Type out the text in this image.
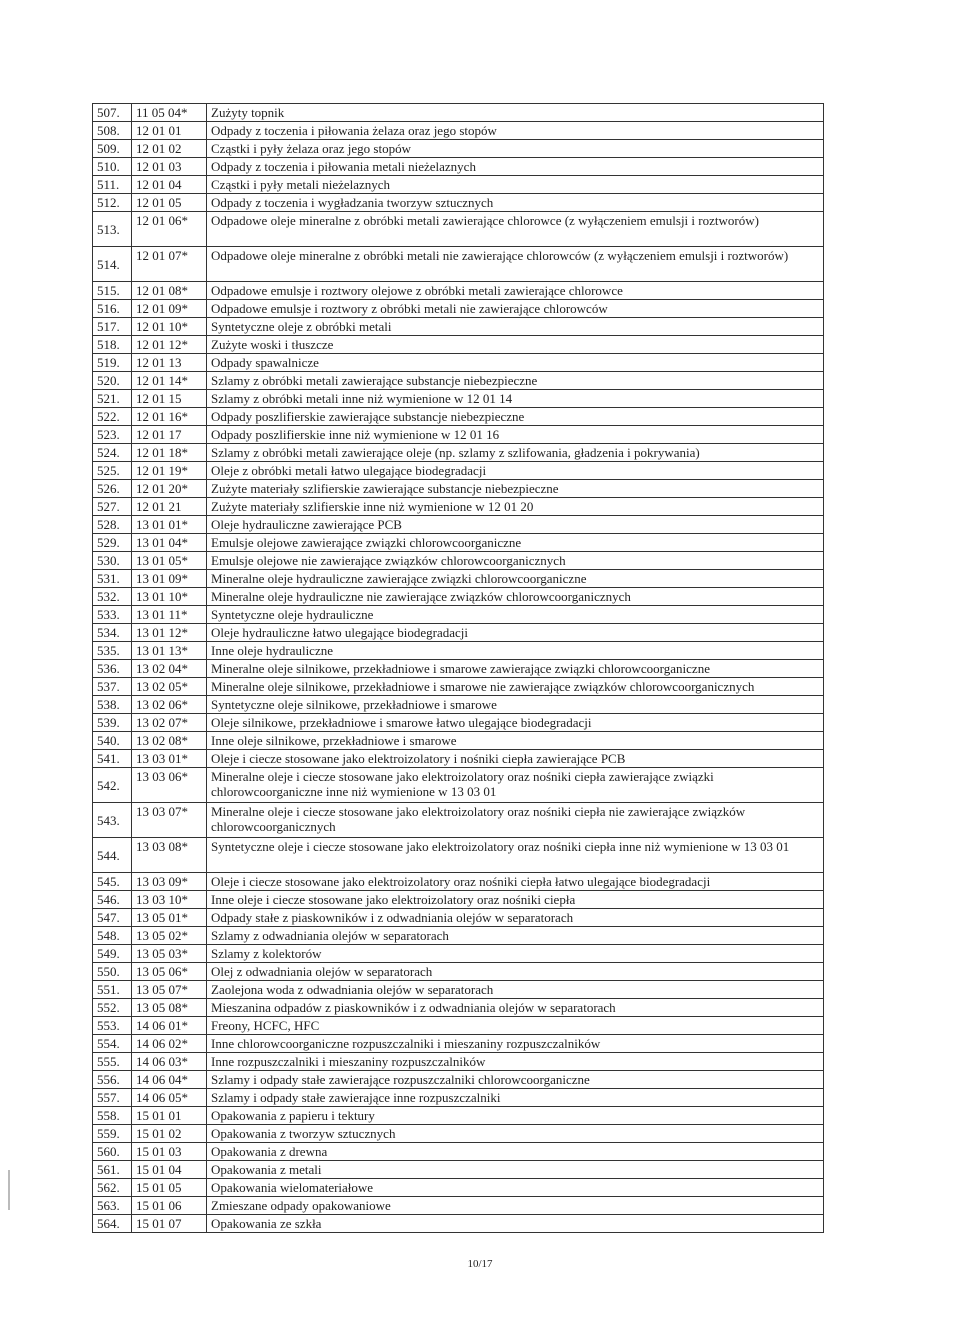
507.	11 05 04*	Zużyty topnik
508.	12 01 01	Odpady z toczenia i piłowania żelaza oraz jego stopów
509.	12 01 02	Cząstki i pyły żelaza oraz jego stopów
510.	12 01 03	Odpady z toczenia i piłowania metali nieżelaznych
511.	12 01 04	Cząstki i pyły metali nieżelaznych
512.	12 01 05	Odpady z toczenia i wygładzania tworzyw sztucznych
513.	12 01 06*	Odpadowe oleje mineralne z obróbki metali zawierające chlorowce (z wyłączeniem emulsji i roztworów)
514.	12 01 07*	Odpadowe oleje mineralne z obróbki metali nie zawierające chlorowców (z wyłączeniem emulsji i roztworów)
515.	12 01 08*	Odpadowe emulsje i roztwory olejowe z obróbki metali zawierające chlorowce
516.	12 01 09*	Odpadowe emulsje i roztwory z obróbki metali nie zawierające chlorowców
517.	12 01 10*	Syntetyczne oleje z obróbki metali
518.	12 01 12*	Zużyte woski i tłuszcze
519.	12 01 13	Odpady spawalnicze
520.	12 01 14*	Szlamy z obróbki metali zawierające substancje niebezpieczne
521.	12 01 15	Szlamy z obróbki metali inne niż wymienione w 12 01 14
522.	12 01 16*	Odpady poszlifierskie zawierające substancje niebezpieczne
523.	12 01 17	Odpady poszlifierskie inne niż wymienione w 12 01 16
524.	12 01 18*	Szlamy z obróbki metali zawierające oleje (np. szlamy z szlifowania, gładzenia i pokrywania)
525.	12 01 19*	Oleje z obróbki metali łatwo ulegające biodegradacji
526.	12 01 20*	Zużyte materiały szlifierskie zawierające substancje niebezpieczne
527.	12 01 21	Zużyte materiały szlifierskie inne niż wymienione w 12 01 20
528.	13 01 01*	Oleje hydrauliczne zawierające PCB
529.	13 01 04*	Emulsje olejowe zawierające związki chlorowcoorganiczne
530.	13 01 05*	Emulsje olejowe nie zawierające związków chlorowcoorganicznych
531.	13 01 09*	Mineralne oleje hydrauliczne zawierające związki chlorowcoorganiczne
532.	13 01 10*	Mineralne oleje hydrauliczne nie zawierające związków chlorowcoorganicznych
533.	13 01 11*	Syntetyczne oleje hydrauliczne
534.	13 01 12*	Oleje hydrauliczne łatwo ulegające biodegradacji
535.	13 01 13*	Inne oleje hydrauliczne
536.	13 02 04*	Mineralne oleje silnikowe, przekładniowe i smarowe zawierające związki chlorowcoorganiczne
537.	13 02 05*	Mineralne oleje silnikowe, przekładniowe i smarowe nie zawierające związków chlorowcoorganicznych
538.	13 02 06*	Syntetyczne oleje silnikowe, przekładniowe i smarowe
539.	13 02 07*	Oleje silnikowe, przekładniowe i smarowe łatwo ulegające biodegradacji
540.	13 02 08*	Inne oleje silnikowe, przekładniowe i smarowe
541.	13 03 01*	Oleje i ciecze stosowane jako elektroizolatory i nośniki ciepła zawierające PCB
542.	13 03 06*	Mineralne oleje i ciecze stosowane jako elektroizolatory oraz nośniki ciepła zawierające związki chlorowcoorganiczne inne niż wymienione w 13 03 01
543.	13 03 07*	Mineralne oleje i ciecze stosowane jako elektroizolatory oraz nośniki ciepła nie zawierające związków chlorowcoorganicznych
544.	13 03 08*	Syntetyczne oleje i ciecze stosowane jako elektroizolatory oraz nośniki ciepła inne niż wymienione w 13 03 01
545.	13 03 09*	Oleje i ciecze stosowane jako elektroizolatory oraz nośniki ciepła łatwo ulegające biodegradacji
546.	13 03 10*	Inne oleje i ciecze stosowane jako elektroizolatory oraz nośniki ciepła
547.	13 05 01*	Odpady stałe z piaskowników i z odwadniania olejów w separatorach
548.	13 05 02*	Szlamy z odwadniania olejów w separatorach
549.	13 05 03*	Szlamy z kolektorów
550.	13 05 06*	Olej z odwadniania olejów w separatorach
551.	13 05 07*	Zaolejona woda z odwadniania olejów w separatorach
552.	13 05 08*	Mieszanina odpadów z piaskowników i z odwadniania olejów w separatorach
553.	14 06 01*	Freony, HCFC, HFC
554.	14 06 02*	Inne chlorowcoorganiczne rozpuszczalniki i mieszaniny rozpuszczalników
555.	14 06 03*	Inne rozpuszczalniki i mieszaniny rozpuszczalników
556.	14 06 04*	Szlamy i odpady stałe zawierające rozpuszczalniki chlorowcoorganiczne
557.	14 06 05*	Szlamy i odpady stałe zawierające inne rozpuszczalniki
558.	15 01 01	Opakowania z papieru i tektury
559.	15 01 02	Opakowania z tworzyw sztucznych
560.	15 01 03	Opakowania z drewna
561.	15 01 04	Opakowania z metali
562.	15 01 05	Opakowania wielomateriałowe
563.	15 01 06	Zmieszane odpady opakowaniowe
564.	15 01 07	Opakowania ze szkła
10/17
